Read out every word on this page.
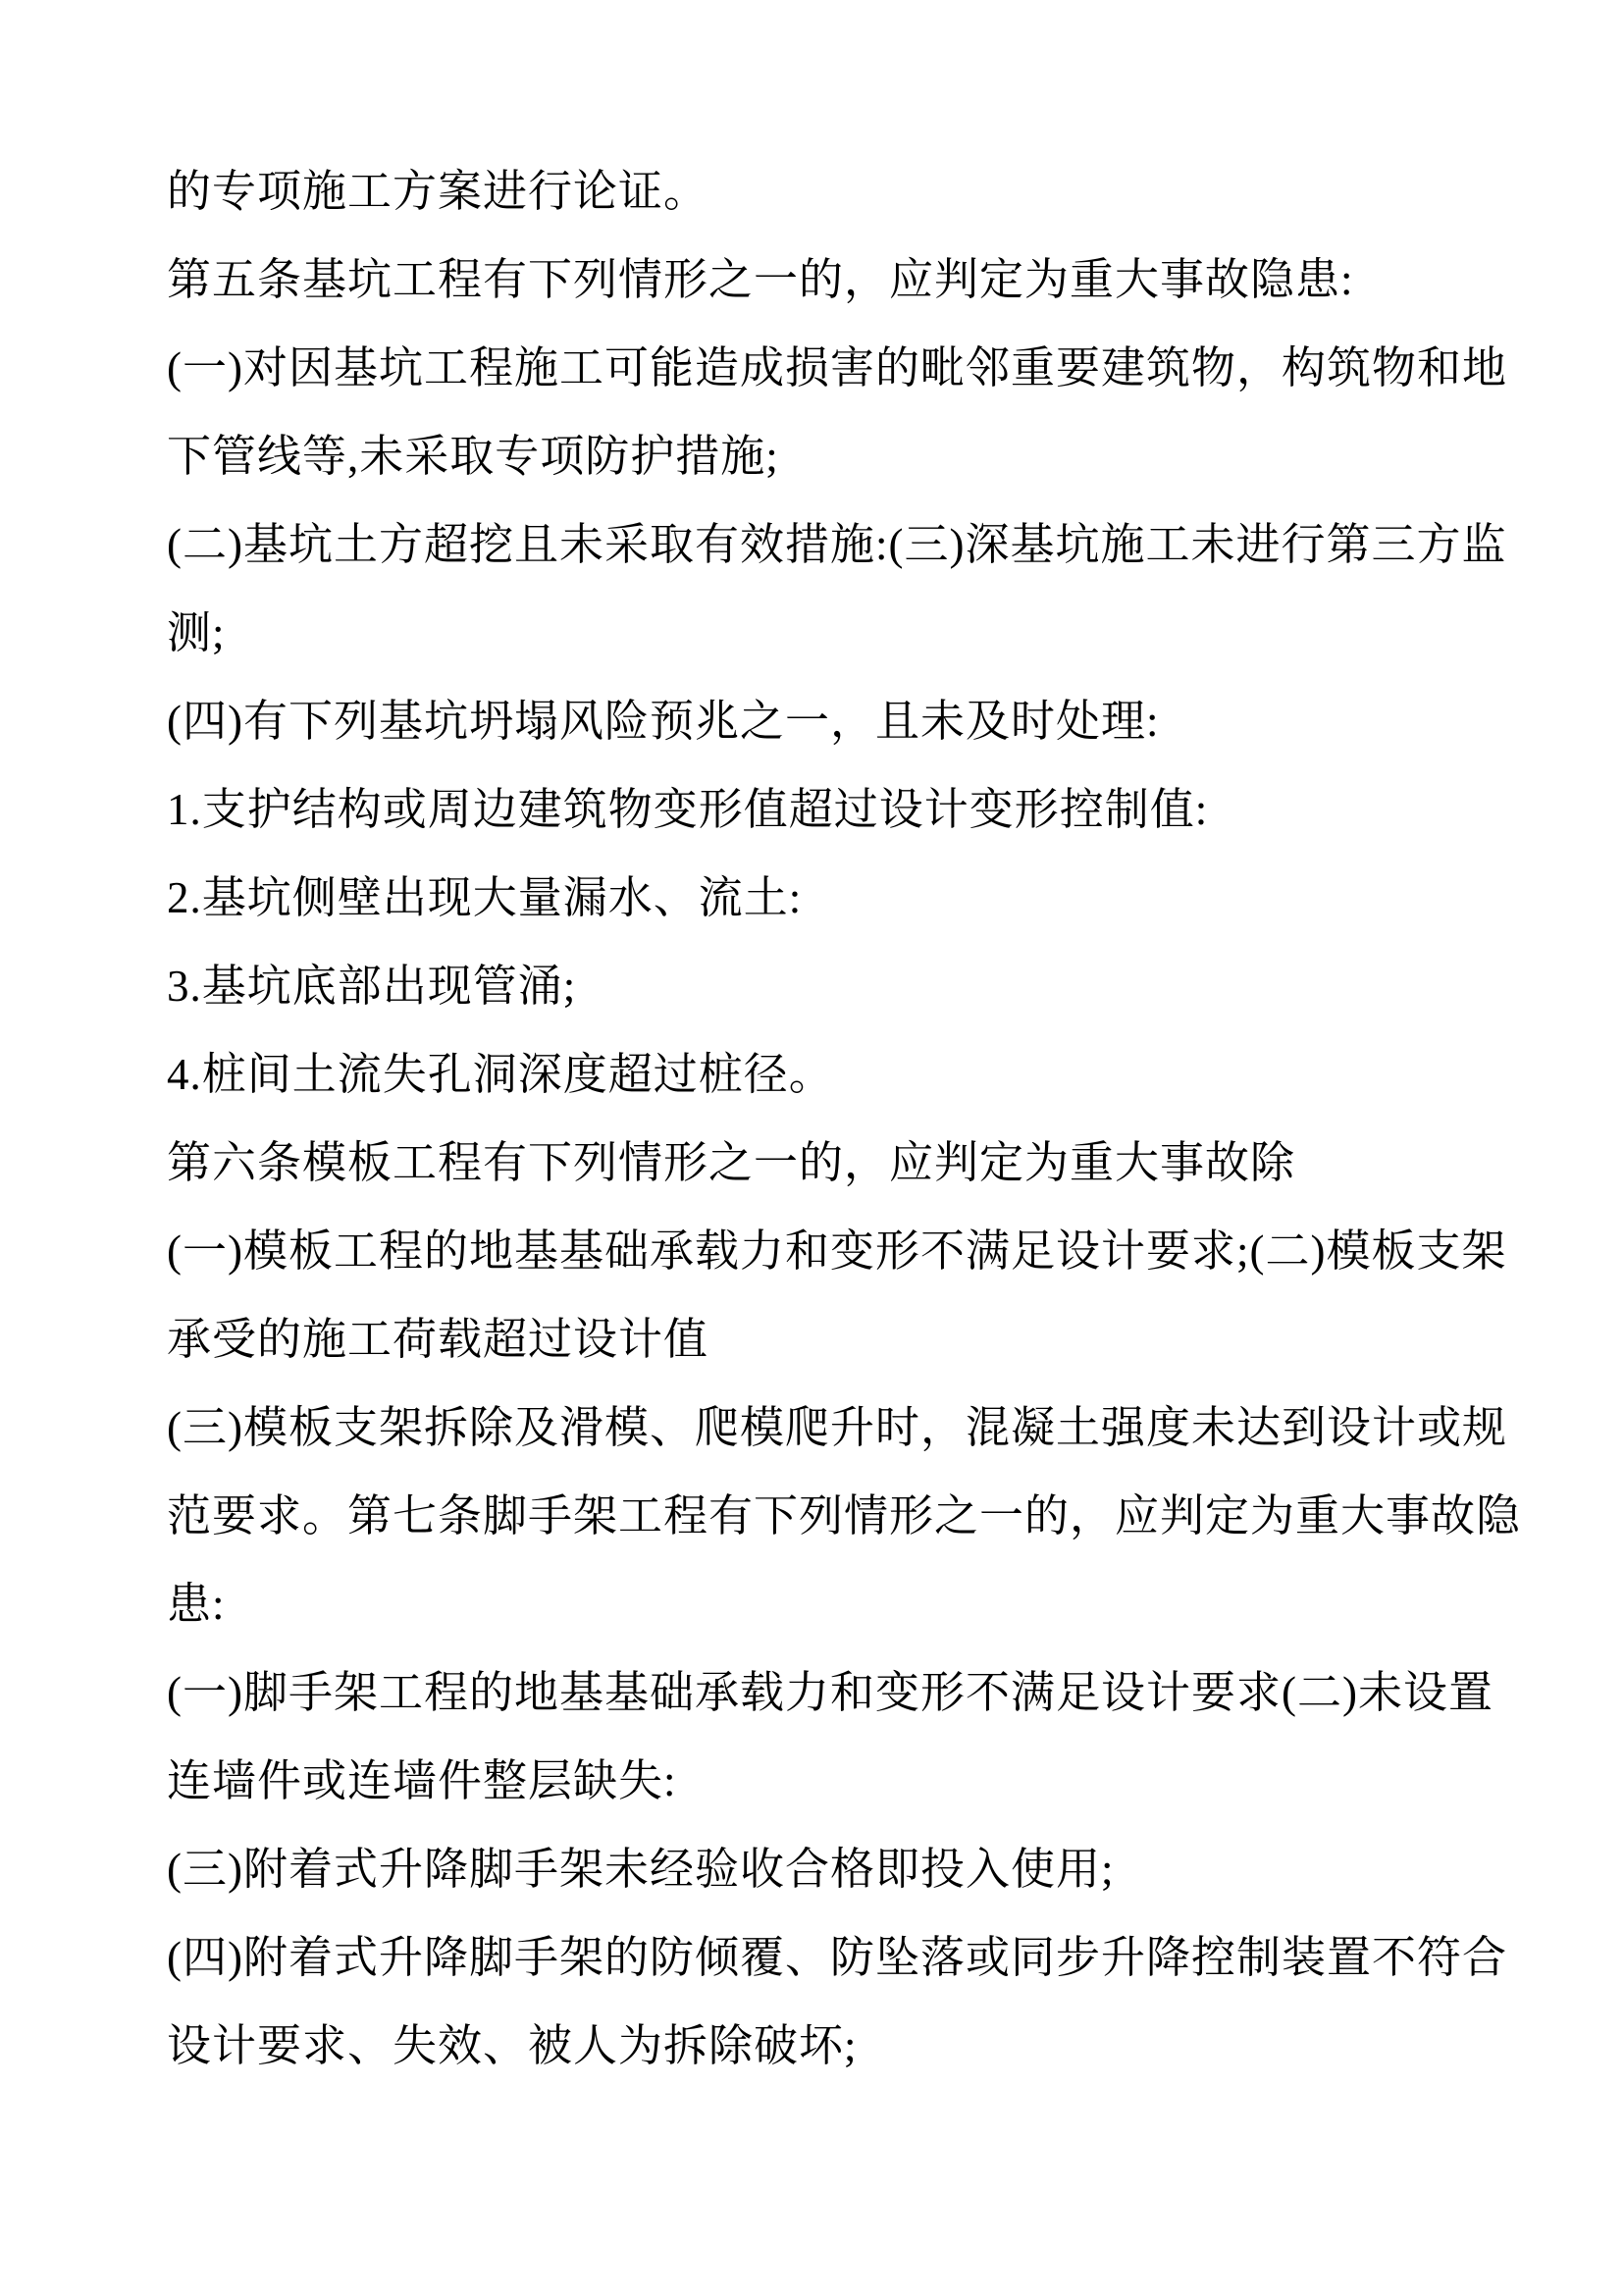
的专项施工方案进行论证。

第五条基坑工程有下列情形之一的，应判定为重大事故隐患:

(一)对因基坑工程施工可能造成损害的毗邻重要建筑物，构筑物和地

下管线等,未采取专项防护措施;

(二)基坑土方超挖且未采取有效措施:(三)深基坑施工未进行第三方监

测;

(四)有下列基坑坍塌风险预兆之一，且未及时处理:

1.支护结构或周边建筑物变形值超过设计变形控制值:

2.基坑侧壁出现大量漏水、流土:

3.基坑底部出现管涌;

4.桩间土流失孔洞深度超过桩径。

第六条模板工程有下列情形之一的，应判定为重大事故除

(一)模板工程的地基基础承载力和变形不满足设计要求;(二)模板支架

承受的施工荷载超过设计值

(三)模板支架拆除及滑模、爬模爬升时，混凝土强度未达到设计或规

范要求。第七条脚手架工程有下列情形之一的，应判定为重大事故隐

患:

(一)脚手架工程的地基基础承载力和变形不满足设计要求(二)未设置

连墙件或连墙件整层缺失:

(三)附着式升降脚手架未经验收合格即投入使用;

(四)附着式升降脚手架的防倾覆、防坠落或同步升降控制装置不符合

设计要求、失效、被人为拆除破坏;
